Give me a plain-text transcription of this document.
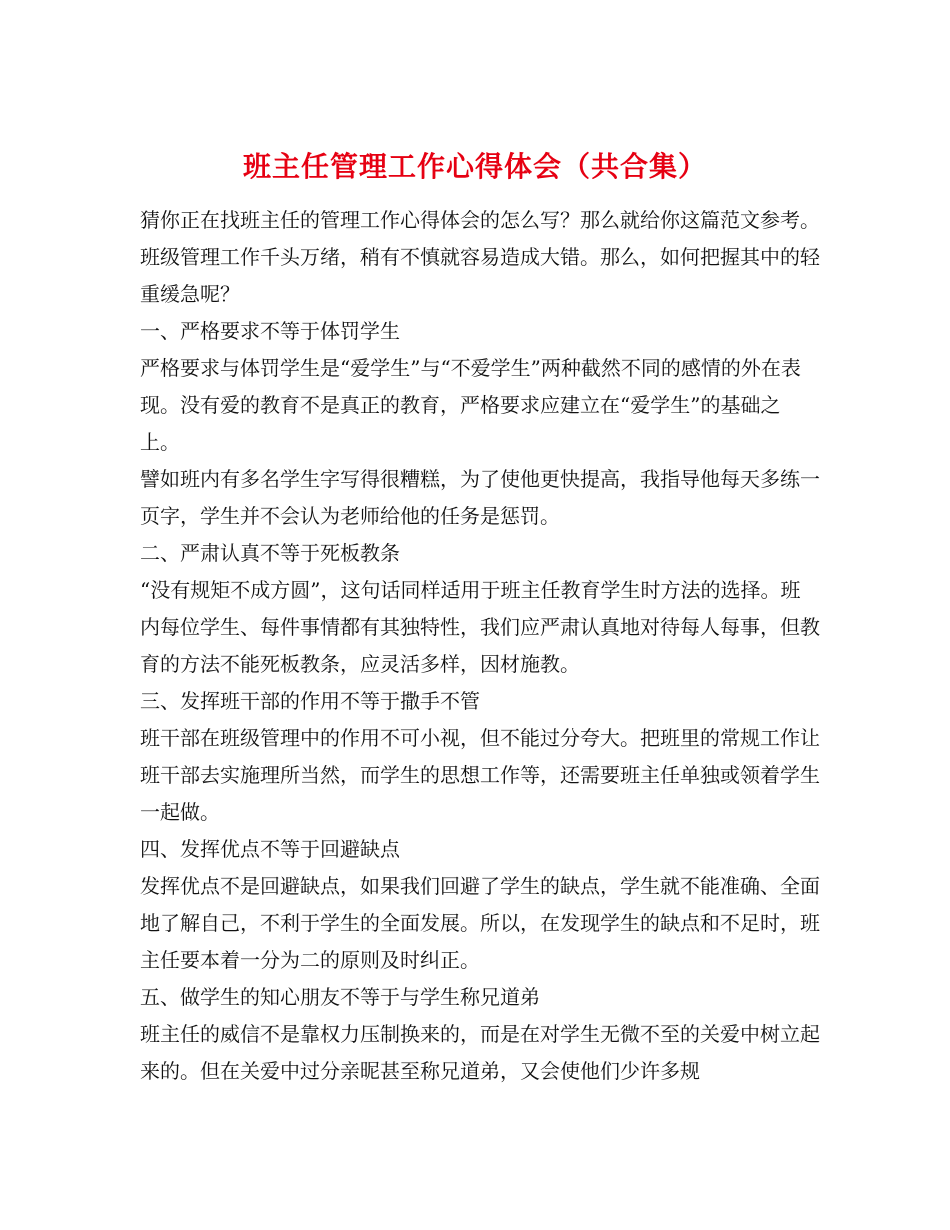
班主任管理工作心得体会（共合集）

猜你正在找班主任的管理工作心得体会的怎么写？那么就给你这篇范文参考。

班级管理工作千头万绪，稍有不慎就容易造成大错。那么，如何把握其中的轻重缓急呢？

一、严格要求不等于体罚学生

严格要求与体罚学生是“爱学生”与“不爱学生”两种截然不同的感情的外在表现。没有爱的教育不是真正的教育，严格要求应建立在“爱学生”的基础之上。

譬如班内有多名学生字写得很糟糕，为了使他更快提高，我指导他每天多练一页字，学生并不会认为老师给他的任务是惩罚。

二、严肃认真不等于死板教条

“没有规矩不成方圆”，这句话同样适用于班主任教育学生时方法的选择。班内每位学生、每件事情都有其独特性，我们应严肃认真地对待每人每事，但教育的方法不能死板教条，应灵活多样，因材施教。

三、发挥班干部的作用不等于撒手不管

班干部在班级管理中的作用不可小视，但不能过分夸大。把班里的常规工作让班干部去实施理所当然，而学生的思想工作等，还需要班主任单独或领着学生一起做。

四、发挥优点不等于回避缺点

发挥优点不是回避缺点，如果我们回避了学生的缺点，学生就不能准确、全面地了解自己，不利于学生的全面发展。所以，在发现学生的缺点和不足时，班主任要本着一分为二的原则及时纠正。

五、做学生的知心朋友不等于与学生称兄道弟

班主任的威信不是靠权力压制换来的，而是在对学生无微不至的关爱中树立起来的。但在关爱中过分亲昵甚至称兄道弟，又会使他们少许多规
